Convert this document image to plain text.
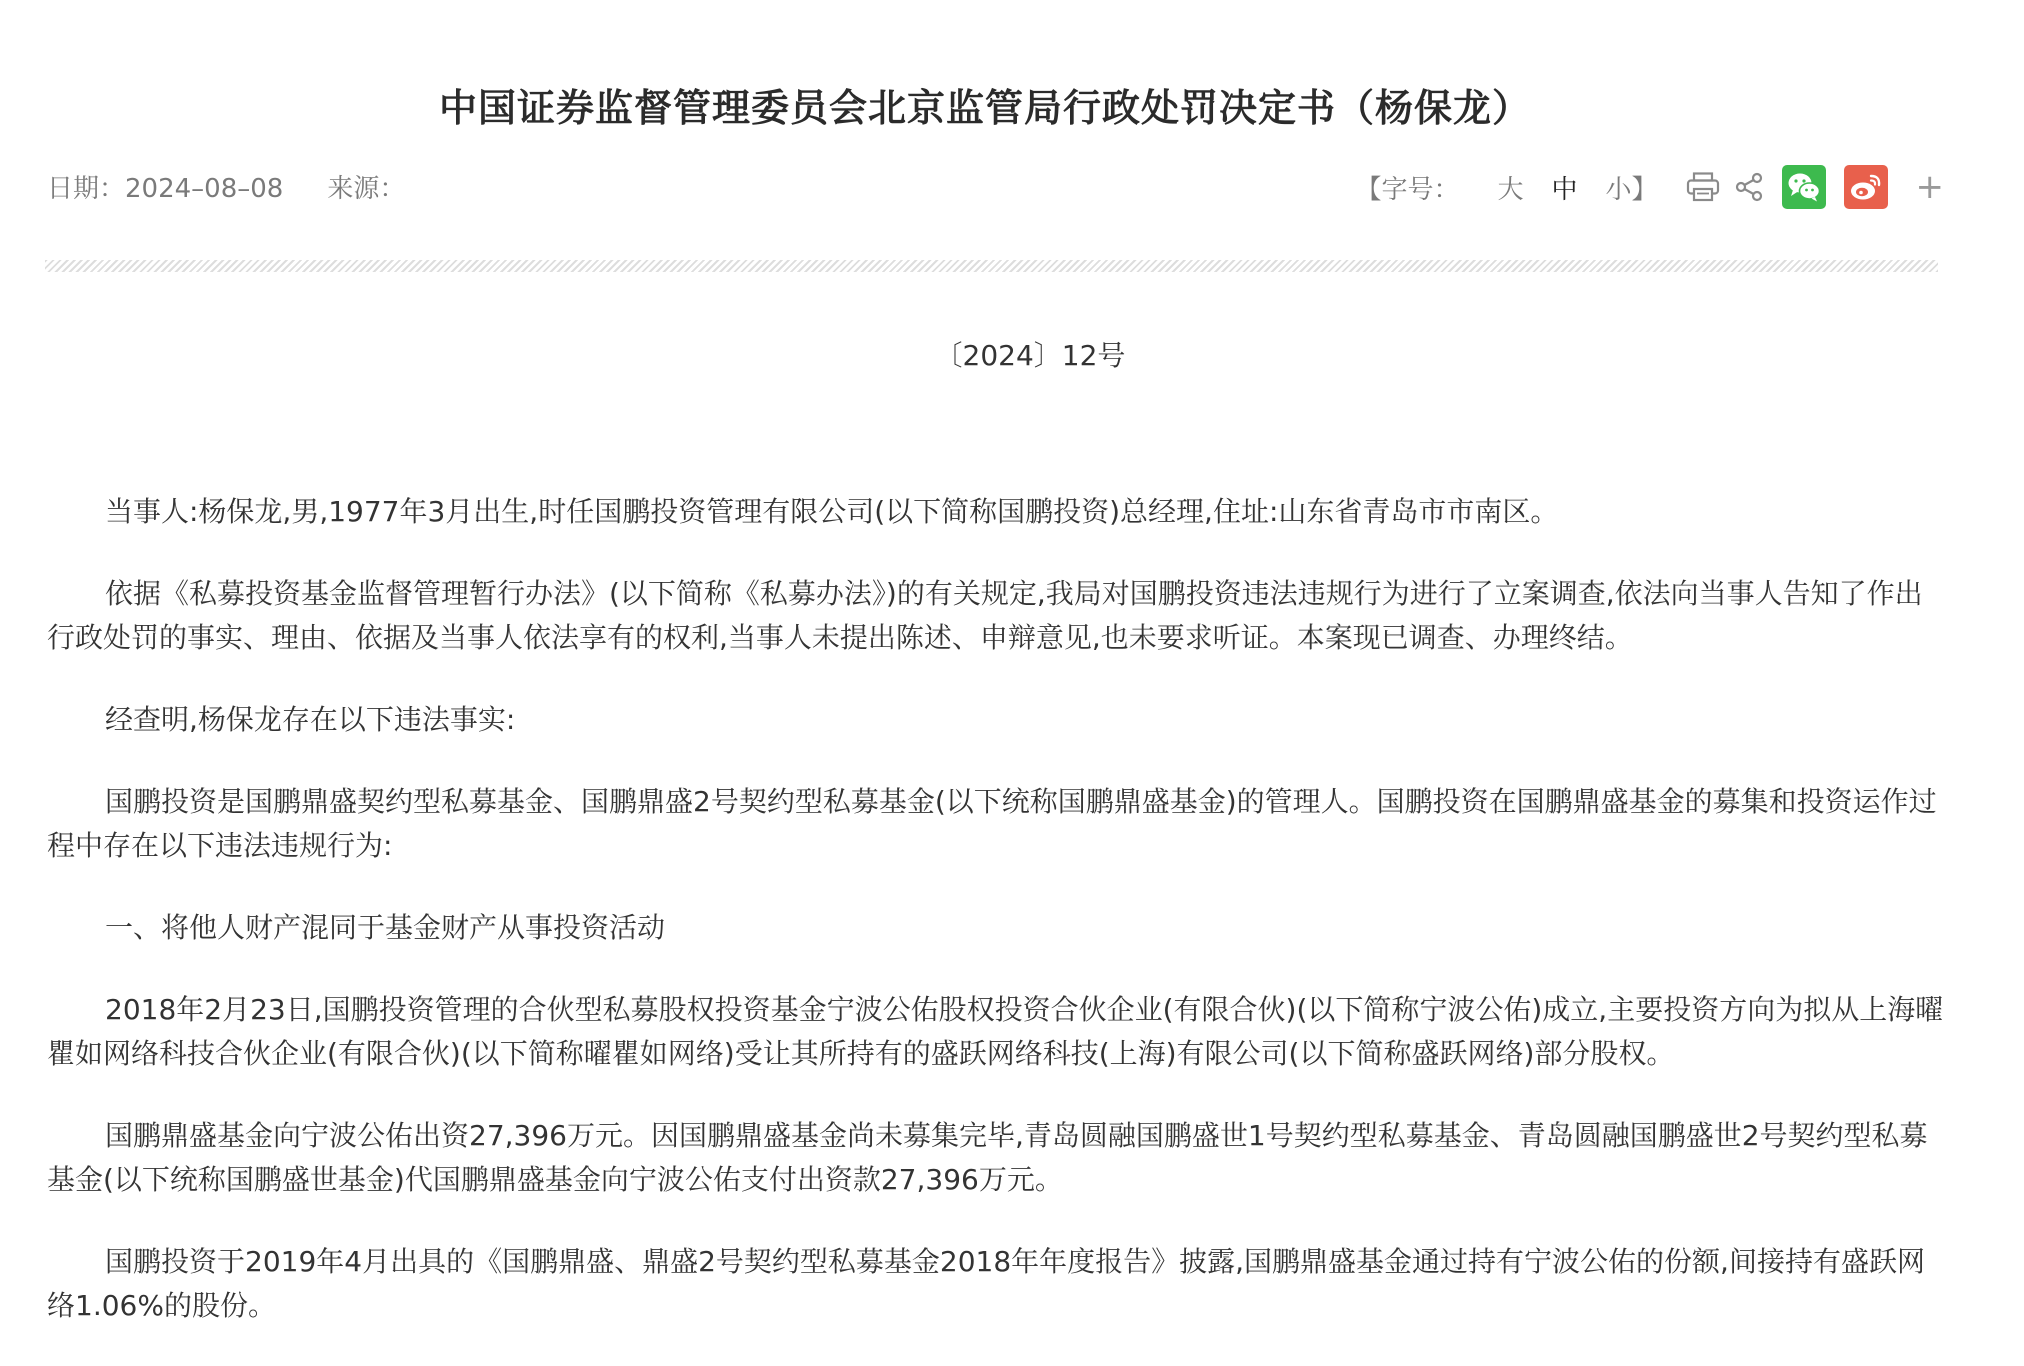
中国证券监督管理委员会北京监管局行政处罚决定书（杨保龙）
日期：2024–08–08 来源：	【字号： 大 中 小】	+
〔2024〕12号

当事人:杨保龙,男,1977年3月出生,时任国鹏投资管理有限公司(以下简称国鹏投资)总经理,住址:山东省青岛市市南区。

依据《私募投资基金监督管理暂行办法》(以下简称《私募办法》)的有关规定,我局对国鹏投资违法违规行为进行了立案调查,依法向当事人告知了作出行政处罚的事实、理由、依据及当事人依法享有的权利,当事人未提出陈述、申辩意见,也未要求听证。本案现已调查、办理终结。

经查明,杨保龙存在以下违法事实:

国鹏投资是国鹏鼎盛契约型私募基金、国鹏鼎盛2号契约型私募基金(以下统称国鹏鼎盛基金)的管理人。国鹏投资在国鹏鼎盛基金的募集和投资运作过程中存在以下违法违规行为:

一、将他人财产混同于基金财产从事投资活动

2018年2月23日,国鹏投资管理的合伙型私募股权投资基金宁波公佑股权投资合伙企业(有限合伙)(以下简称宁波公佑)成立,主要投资方向为拟从上海曜瞿如网络科技合伙企业(有限合伙)(以下简称曜瞿如网络)受让其所持有的盛跃网络科技(上海)有限公司(以下简称盛跃网络)部分股权。

国鹏鼎盛基金向宁波公佑出资27,396万元。因国鹏鼎盛基金尚未募集完毕,青岛圆融国鹏盛世1号契约型私募基金、青岛圆融国鹏盛世2号契约型私募基金(以下统称国鹏盛世基金)代国鹏鼎盛基金向宁波公佑支付出资款27,396万元。

国鹏投资于2019年4月出具的《国鹏鼎盛、鼎盛2号契约型私募基金2018年年度报告》披露,国鹏鼎盛基金通过持有宁波公佑的份额,间接持有盛跃网络1.06%的股份。
